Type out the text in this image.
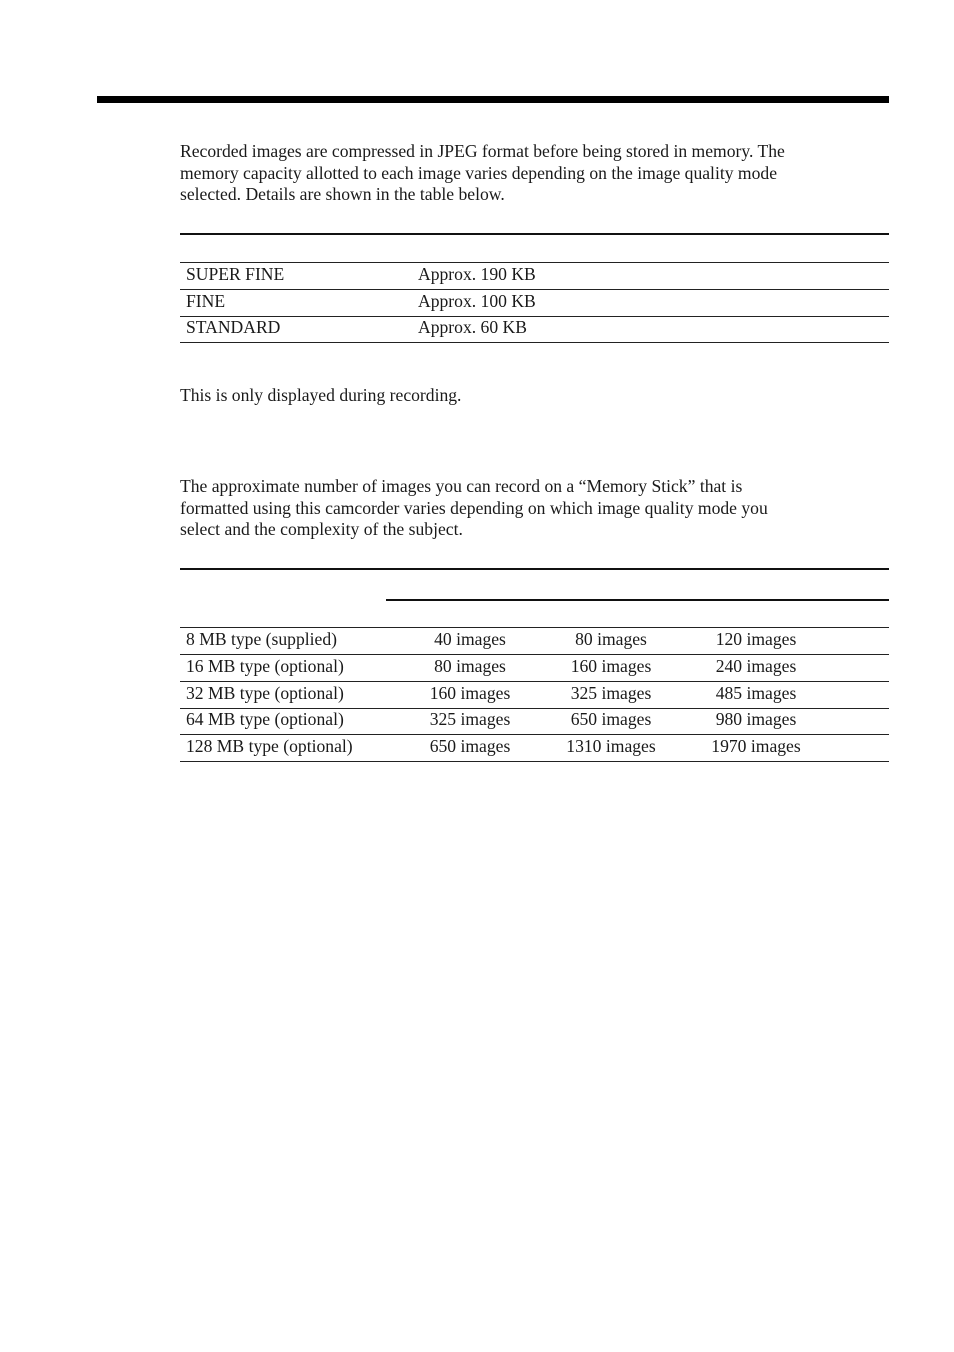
Recorded images are compressed in JPEG format before being stored in memory. The
memory capacity allotted to each image varies depending on the image quality mode
selected. Details are shown in the table below.

SUPER FINE	Approx. 190 KB
FINE	Approx. 100 KB
STANDARD	Approx. 60 KB

This is only displayed during recording.

The approximate number of images you can record on a “Memory Stick” that is
formatted using this camcorder varies depending on which image quality mode you
select and the complexity of the subject.

8 MB type (supplied)	40 images	80 images	120 images
16 MB type (optional)	80 images	160 images	240 images
32 MB type (optional)	160 images	325 images	485 images
64 MB type (optional)	325 images	650 images	980 images
128 MB type (optional)	650 images	1310 images	1970 images
